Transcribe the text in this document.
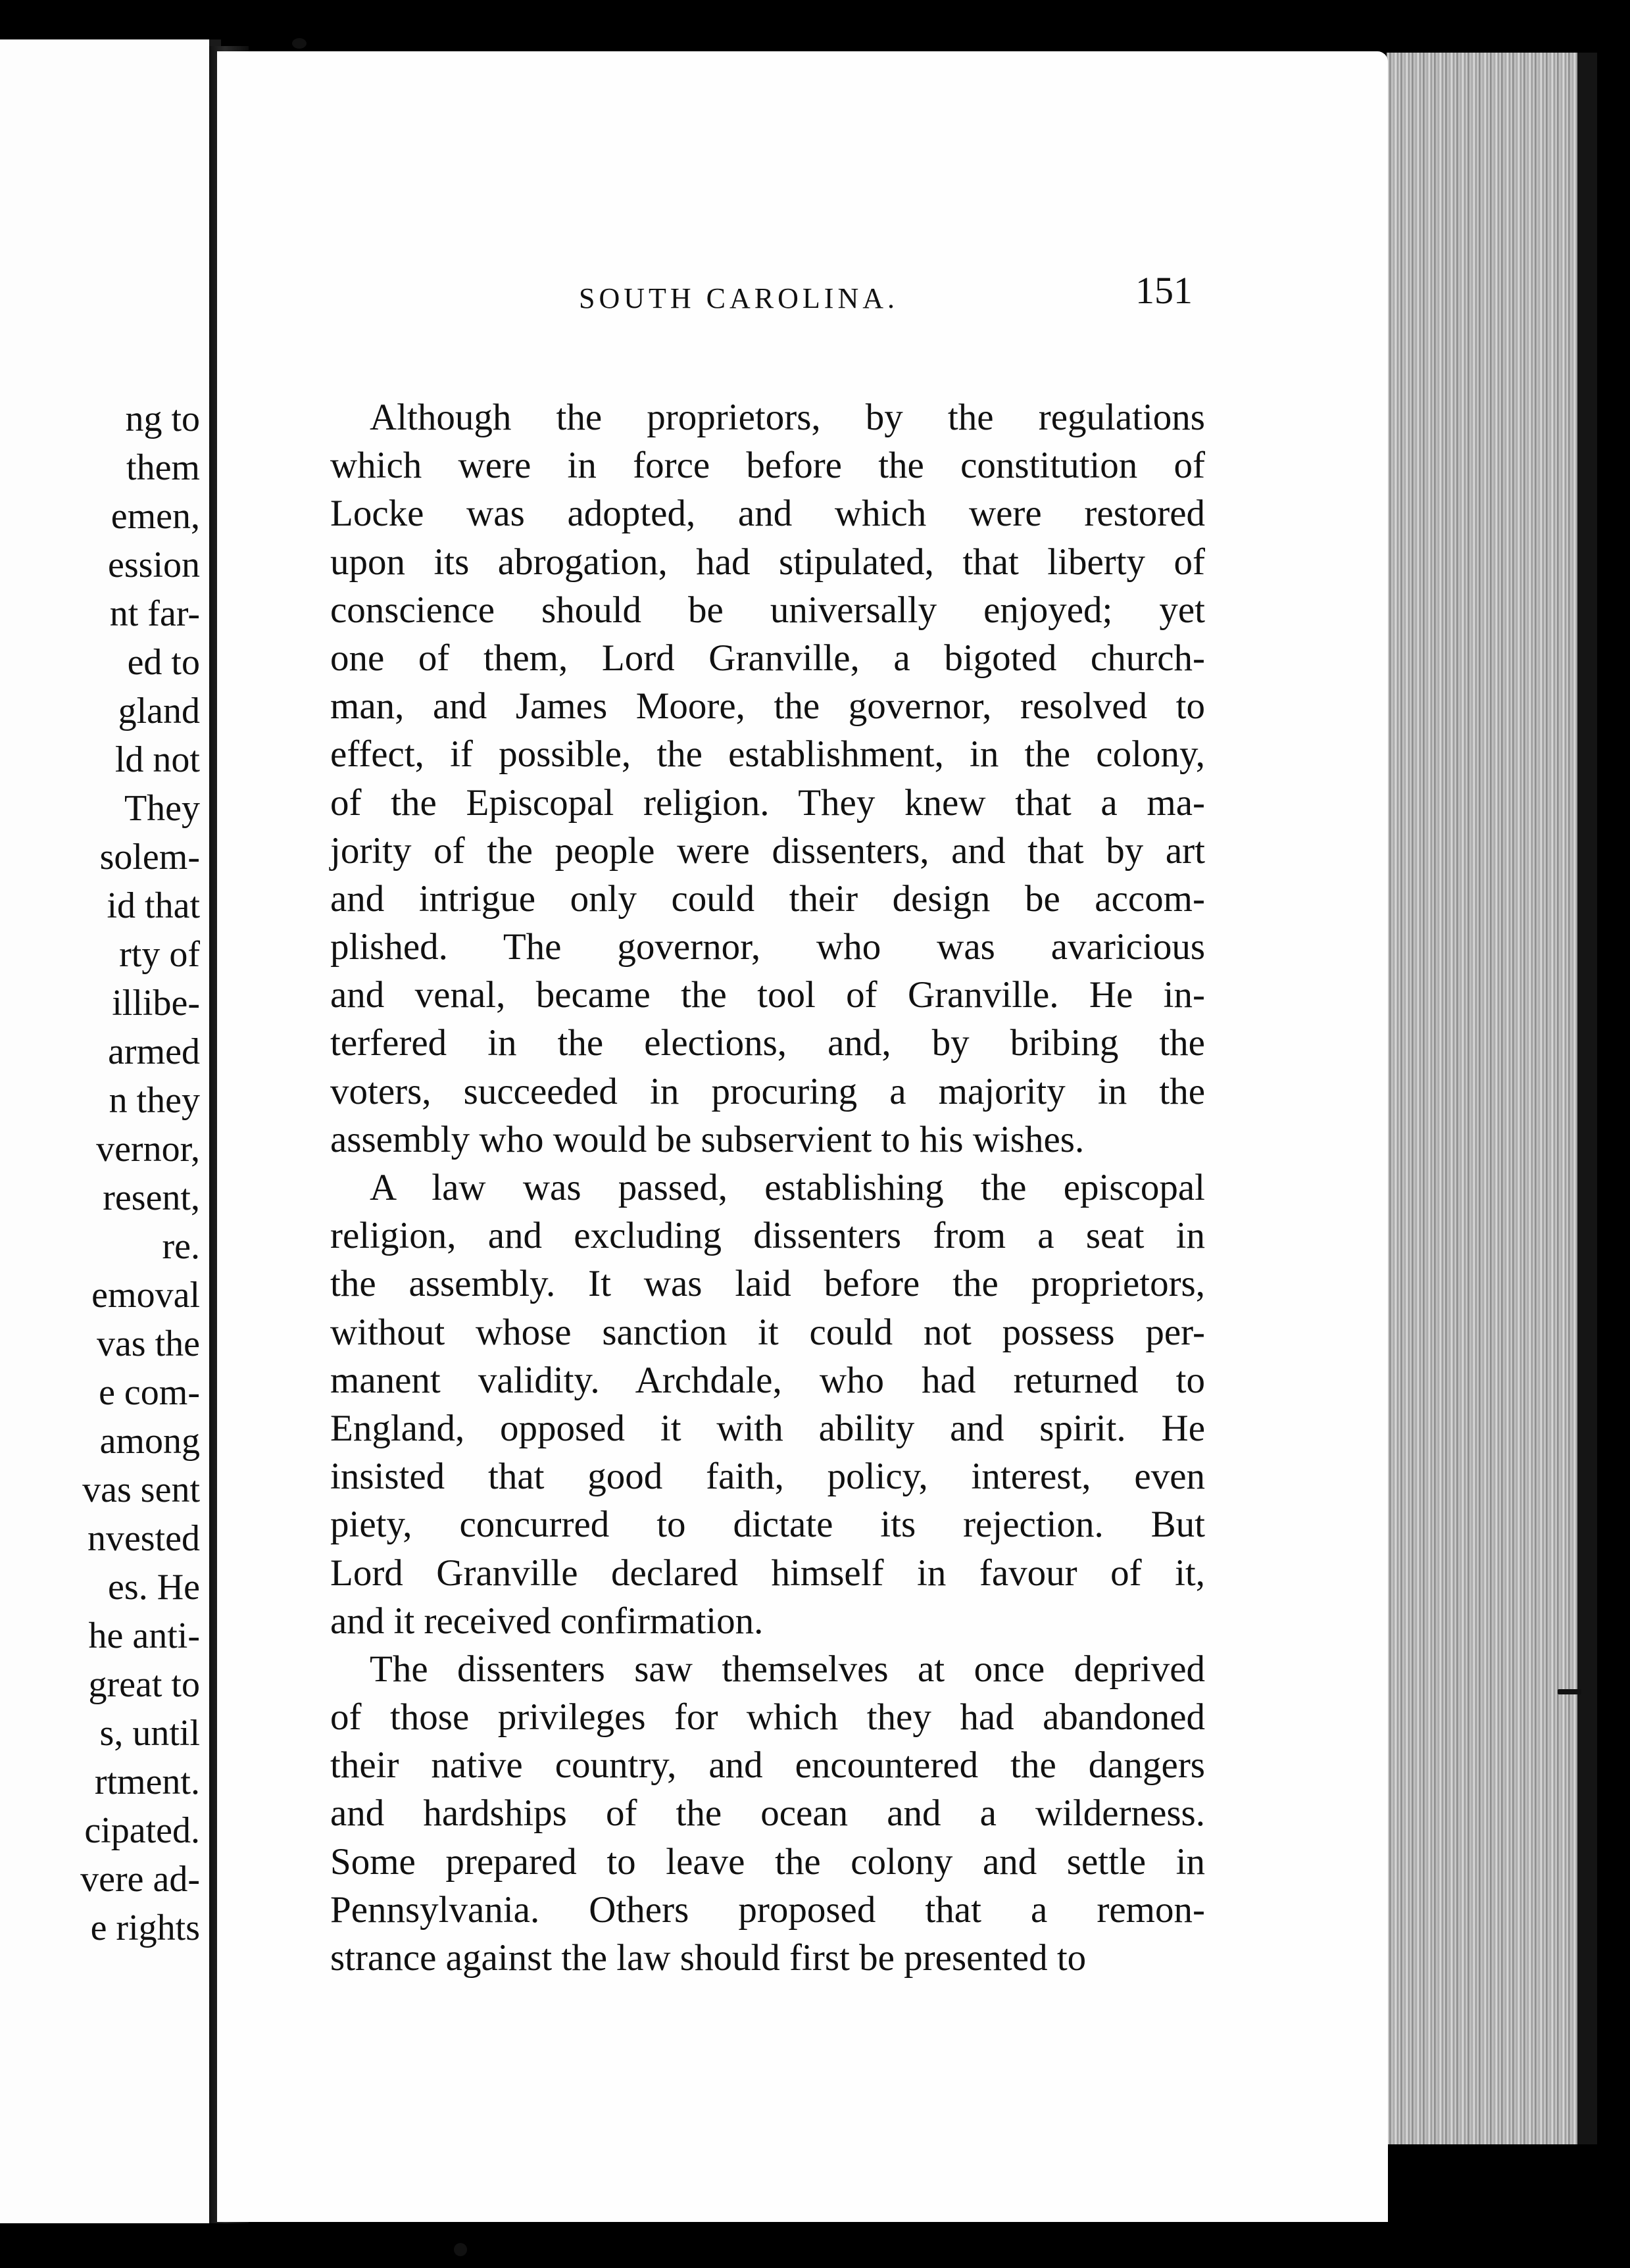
ng to
them
emen,
ession
nt far-
ed to
gland
ld not
They
solem-
id that
rty of
illibe-
armed
n they
vernor,
resent,
re.
emoval
vas the
e com-
among
vas sent
nvested
es. He
he anti-
great to
s, until
rtment.
cipated.
vere ad-
e rights
SOUTH CAROLINA.	151
Although the proprietors, by the regulations
which were in force before the constitution of
Locke was adopted, and which were restored
upon its abrogation, had stipulated, that liberty of
conscience should be universally enjoyed; yet
one of them, Lord Granville, a bigoted church-
man, and James Moore, the governor, resolved to
effect, if possible, the establishment, in the colony,
of the Episcopal religion. They knew that a ma-
jority of the people were dissenters, and that by art
and intrigue only could their design be accom-
plished. The governor, who was avaricious
and venal, became the tool of Granville. He in-
terfered in the elections, and, by bribing the
voters, succeeded in procuring a majority in the
assembly who would be subservient to his wishes.
A law was passed, establishing the episcopal
religion, and excluding dissenters from a seat in
the assembly. It was laid before the proprietors,
without whose sanction it could not possess per-
manent validity. Archdale, who had returned to
England, opposed it with ability and spirit. He
insisted that good faith, policy, interest, even
piety, concurred to dictate its rejection. But
Lord Granville declared himself in favour of it,
and it received confirmation.
The dissenters saw themselves at once deprived
of those privileges for which they had abandoned
their native country, and encountered the dangers
and hardships of the ocean and a wilderness.
Some prepared to leave the colony and settle in
Pennsylvania. Others proposed that a remon-
strance against the law should first be presented to
